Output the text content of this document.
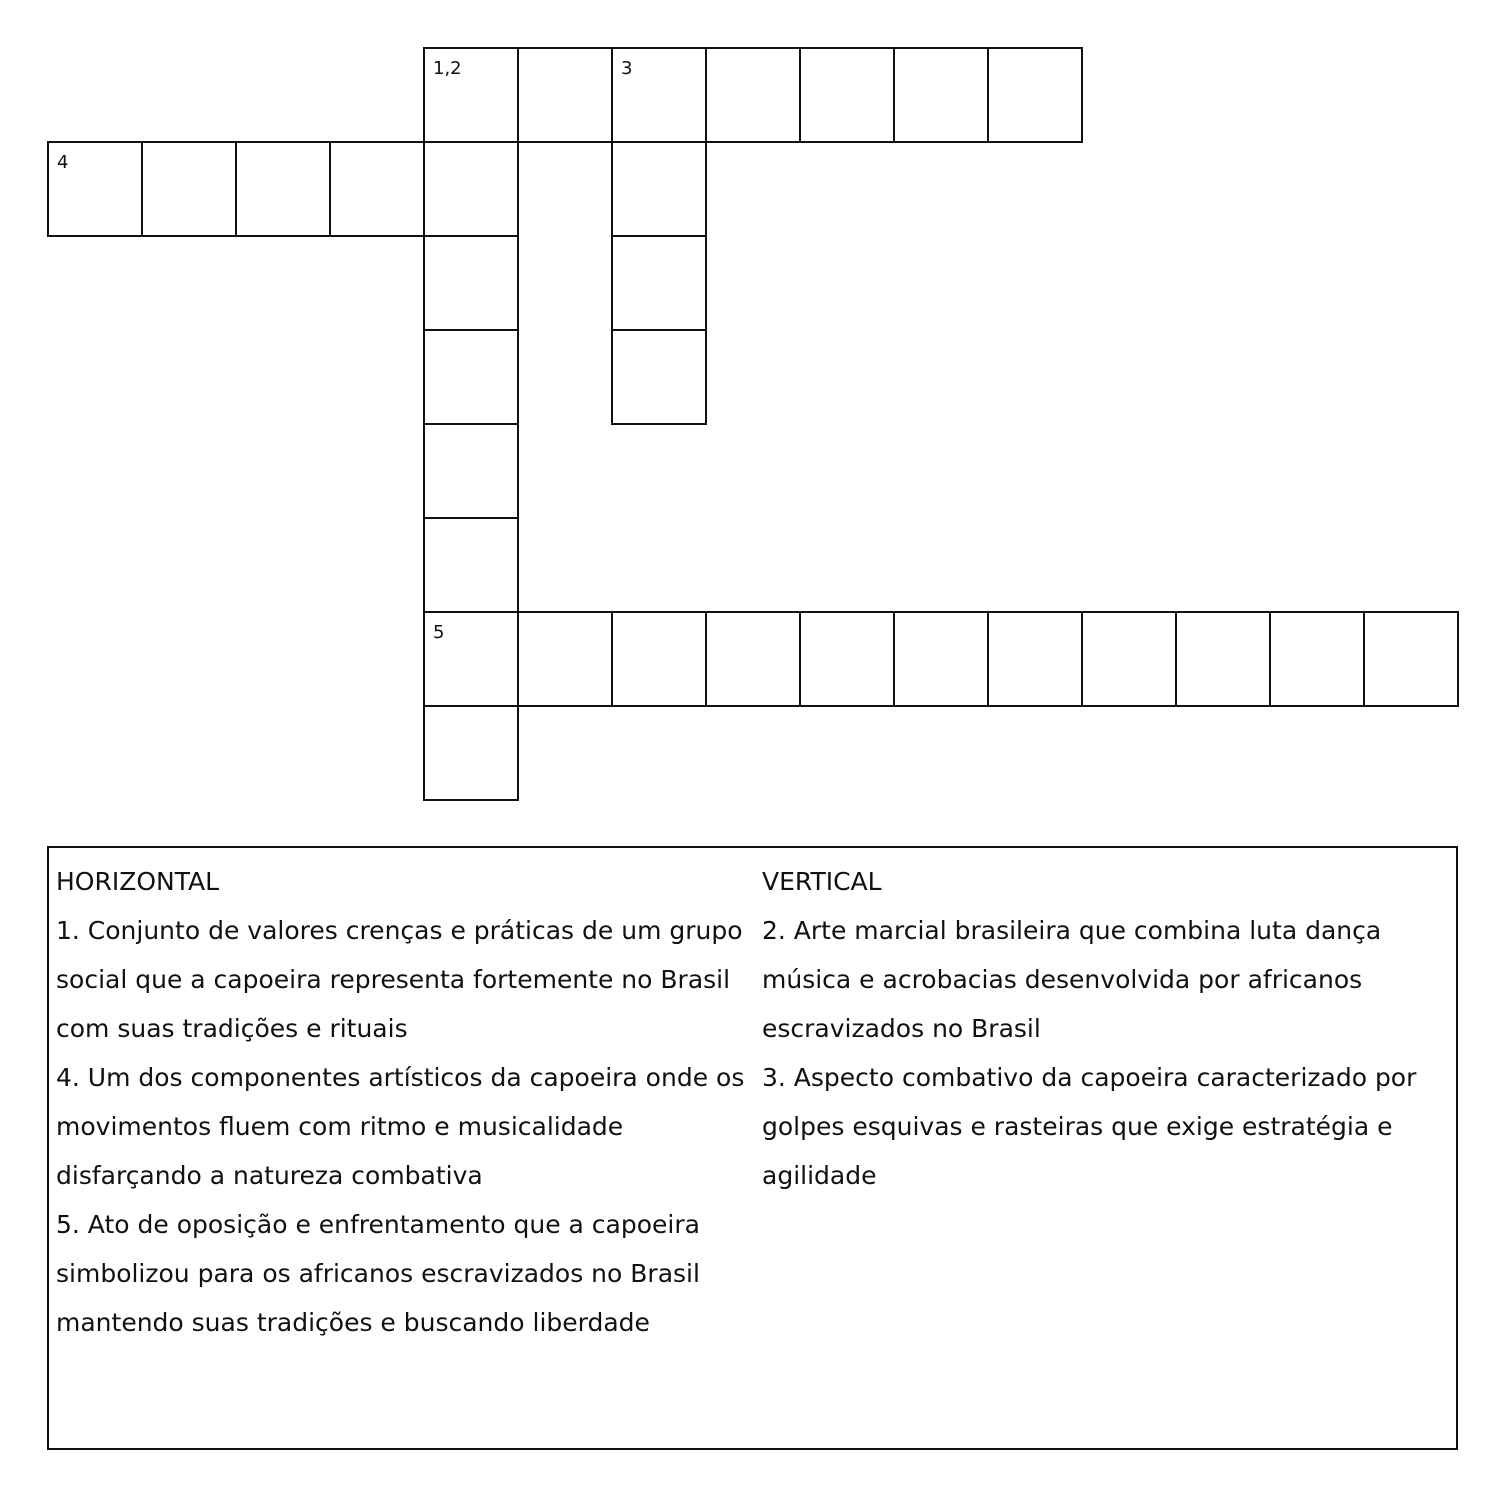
1,2	3
4
5
HORIZONTAL
1. Conjunto de valores crenças e práticas de um grupo social que a capoeira representa fortemente no Brasil com suas tradições e rituais
4. Um dos componentes artísticos da capoeira onde os movimentos fluem com ritmo e musicalidade disfarçando a natureza combativa
5. Ato de oposição e enfrentamento que a capoeira simbolizou para os africanos escravizados no Brasil mantendo suas tradições e buscando liberdade
VERTICAL
2. Arte marcial brasileira que combina luta dança música e acrobacias desenvolvida por africanos escravizados no Brasil
3. Aspecto combativo da capoeira caracterizado por golpes esquivas e rasteiras que exige estratégia e agilidade
